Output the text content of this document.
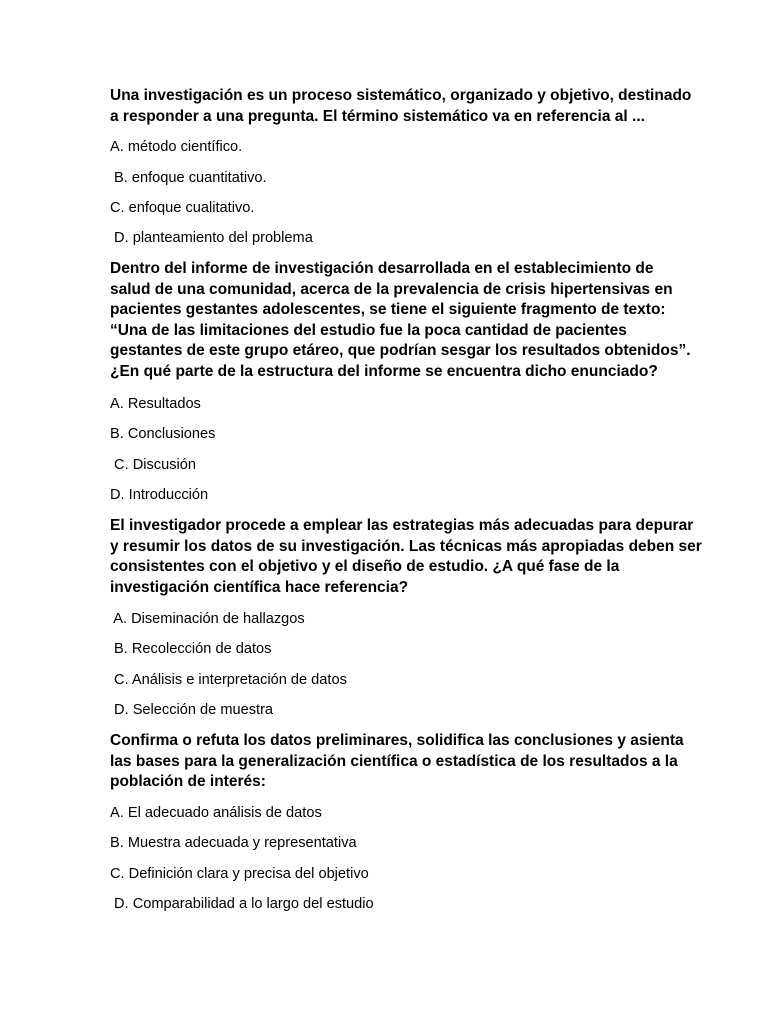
Una investigación es un proceso sistemático, organizado y objetivo, destinado
a responder a una pregunta. El término sistemático va en referencia al ...
A. método científico.
B. enfoque cuantitativo.
C. enfoque cualitativo.
D. planteamiento del problema
Dentro del informe de investigación desarrollada en el establecimiento de
salud de una comunidad, acerca de la prevalencia de crisis hipertensivas en
pacientes gestantes adolescentes, se tiene el siguiente fragmento de texto:
“Una de las limitaciones del estudio fue la poca cantidad de pacientes
gestantes de este grupo etáreo, que podrían sesgar los resultados obtenidos”.
¿En qué parte de la estructura del informe se encuentra dicho enunciado?
A. Resultados
B. Conclusiones
C. Discusión
D. Introducción
El investigador procede a emplear las estrategias más adecuadas para depurar
y resumir los datos de su investigación. Las técnicas más apropiadas deben ser
consistentes con el objetivo y el diseño de estudio. ¿A qué fase de la
investigación científica hace referencia?
A. Diseminación de hallazgos
B. Recolección de datos
C. Análisis e interpretación de datos
D. Selección de muestra
Confirma o refuta los datos preliminares, solidifica las conclusiones y asienta
las bases para la generalización científica o estadística de los resultados a la
población de interés:
A. El adecuado análisis de datos
B. Muestra adecuada y representativa
C. Definición clara y precisa del objetivo
D. Comparabilidad a lo largo del estudio
